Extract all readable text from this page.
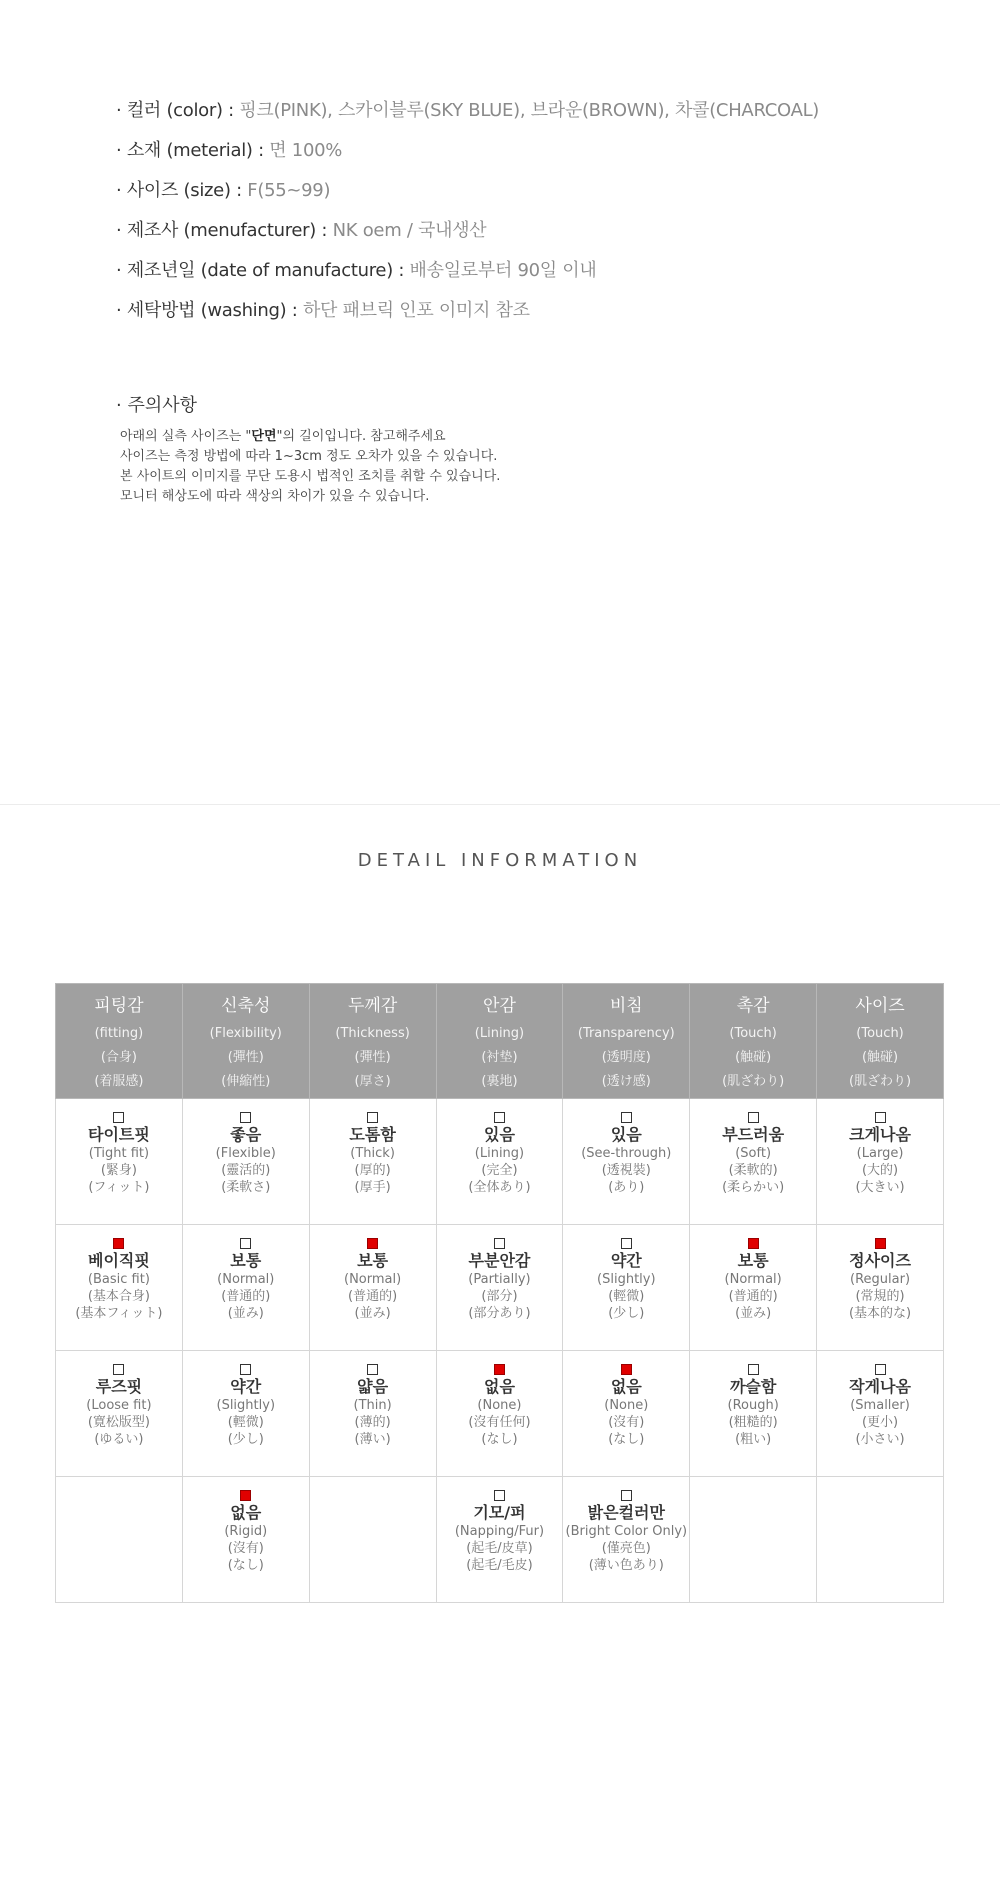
· 컬러 (color) : 핑크(PINK), 스카이블루(SKY BLUE), 브라운(BROWN), 차콜(CHARCOAL)
· 소재 (meterial) : 면 100%
· 사이즈 (size) : F(55~99)
· 제조사 (menufacturer) : NK oem / 국내생산
· 제조년일 (date of manufacture) : 배송일로부터 90일 이내
· 세탁방법 (washing) : 하단 패브릭 인포 이미지 참조
· 주의사항
아래의 실측 사이즈는 "단면"의 길이입니다. 참고해주세요
사이즈는 측정 방법에 따라 1~3cm 정도 오차가 있을 수 있습니다.
본 사이트의 이미지를 무단 도용시 법적인 조치를 취할 수 있습니다.
모니터 해상도에 따라 색상의 차이가 있을 수 있습니다.
DETAIL INFORMATION
피팅감
(fitting)
(合身)
(着服感)	신축성
(Flexibility)
(彈性)
(伸縮性)	두께감
(Thickness)
(彈性)
(厚さ)	안감
(Lining)
(衬垫)
(裏地)	비침
(Transparency)
(透明度)
(透け感)	촉감
(Touch)
(触碰)
(肌ざわり)	사이즈
(Touch)
(触碰)
(肌ざわり)

타이트핏
(Tight fit)
(緊身)
(フィット)	좋음
(Flexible)
(靈活的)
(柔軟さ)	도톰함
(Thick)
(厚的)
(厚手)	있음
(Lining)
(完全)
(全体あり)	있음
(See-through)
(透視裝)
(あり)	부드러움
(Soft)
(柔軟的)
(柔らかい)	크게나옴
(Large)
(大的)
(大きい)

베이직핏
(Basic fit)
(基本合身)
(基本フィット)	보통
(Normal)
(普通的)
(並み)	보통
(Normal)
(普通的)
(並み)	부분안감
(Partially)
(部分)
(部分あり)	약간
(Slightly)
(輕微)
(少し)	보통
(Normal)
(普通的)
(並み)	정사이즈
(Regular)
(常規的)
(基本的な)

루즈핏
(Loose fit)
(寛松版型)
(ゆるい)	약간
(Slightly)
(輕微)
(少し)	얇음
(Thin)
(薄的)
(薄い)	없음
(None)
(沒有任何)
(なし)	없음
(None)
(沒有)
(なし)	까슬함
(Rough)
(粗糙的)
(粗い)	작게나옴
(Smaller)
(更小)
(小さい)

	없음
(Rigid)
(沒有)
(なし)		기모/퍼
(Napping/Fur)
(起毛/皮草)
(起毛/毛皮)	밝은컬러만
(Bright Color Only)
(僅亮色)
(薄い色あり)		
